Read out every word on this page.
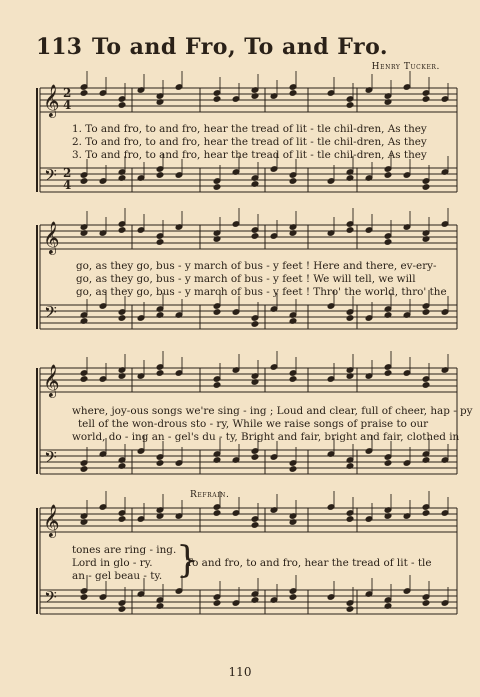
113 To and Fro, To and Fro.
Henry Tucker.
𝄞
𝄢
𝄞
𝄢
𝄞
𝄢
𝄞
𝄢
2
4
2
4
}
1. To and fro, to and fro, hear the tread of lit - tle chil-dren, As they
2. To and fro, to and fro, hear the tread of lit - tle chil-dren, As they
3. To and fro, to and fro, hear the tread of lit - tle chil-dren, As they
go, as they go, bus - y march of bus - y feet ! Here and there, ev-ery-
go, as they go, bus - y march of bus - y feet ! We will tell, we will
go, as they go, bus - y march of bus - y feet ! Thro' the world, thro' the
where, joy-ous songs we're sing - ing ; Loud and clear, full of cheer, hap - py
tell of the won-drous sto - ry, While we raise songs of praise to our
world, do - ing an - gel's du - ty, Bright and fair, bright and fair, clothed in
tones are ring - ing.
Lord in glo - ry.
an - gel beau - ty.
To and fro, to and fro, hear the tread of lit - tle
Refrain.
110
